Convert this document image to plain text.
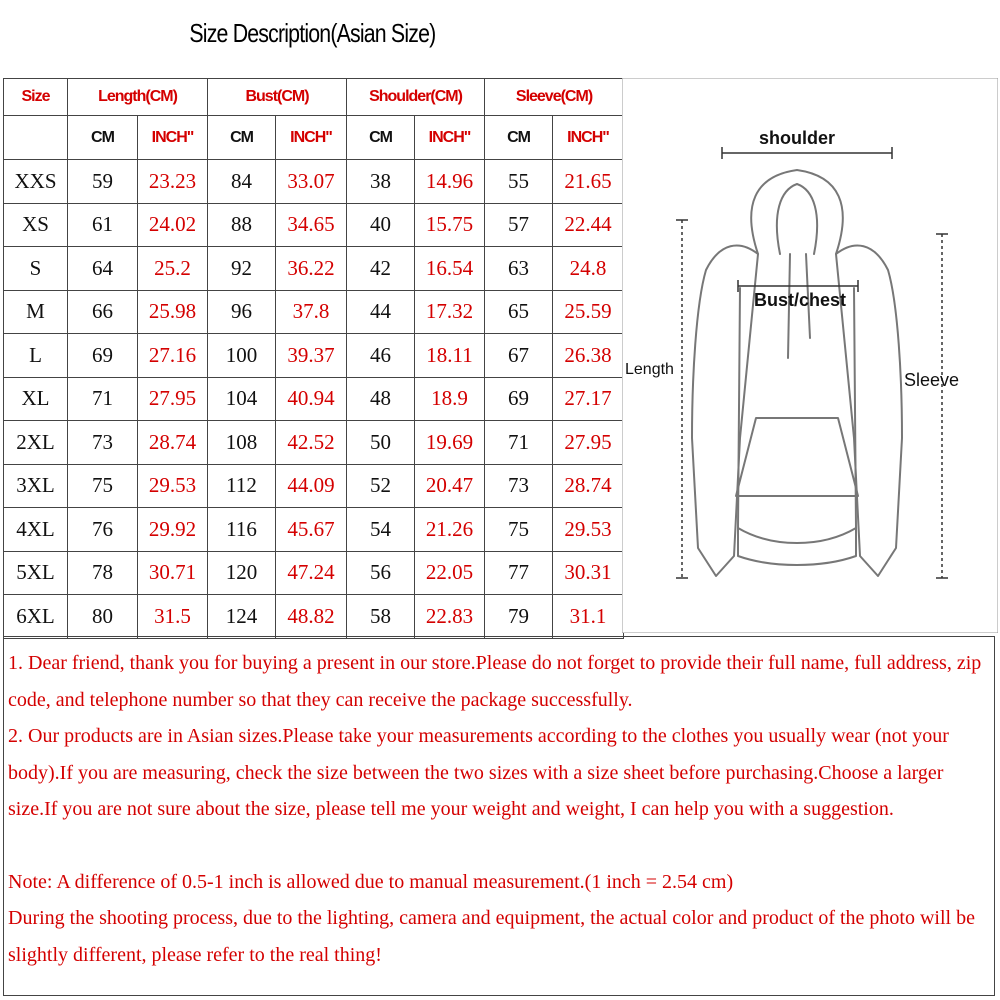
Size Description(Asian Size)
Size	Length(CM)		Bust(CM)		Shoulder(CM)		Sleeve(CM)	
	CM	INCH"	CM	INCH"	CM	INCH"	CM	INCH"
XXS	59	23.23	84	33.07	38	14.96	55	21.65
XS	61	24.02	88	34.65	40	15.75	57	22.44
S	64	25.2	92	36.22	42	16.54	63	24.8
M	66	25.98	96	37.8	44	17.32	65	25.59
L	69	27.16	100	39.37	46	18.11	67	26.38
XL	71	27.95	104	40.94	48	18.9	69	27.17
2XL	73	28.74	108	42.52	50	19.69	71	27.95
3XL	75	29.53	112	44.09	52	20.47	73	28.74
4XL	76	29.92	116	45.67	54	21.26	75	29.53
5XL	78	30.71	120	47.24	56	22.05	77	30.31
6XL	80	31.5	124	48.82	58	22.83	79	31.1
shoulder
Bust/chest
Length
Sleeve

1. Dear friend, thank you for buying a present in our store.Please do not forget to provide their full name, full address, zip code, and telephone number so that they can receive the package successfully.

2. Our products are in Asian sizes.Please take your measurements according to the clothes you usually wear (not your body).If you are measuring, check the size between the two sizes with a size sheet before purchasing.Choose a larger size.If you are not sure about the size, please tell me your weight and weight, I can help you with a suggestion.

Note: A difference of 0.5-1 inch is allowed due to manual measurement.(1 inch = 2.54 cm)

During the shooting process, due to the lighting, camera and equipment, the actual color and product of the photo will be slightly different, please refer to the real thing!
